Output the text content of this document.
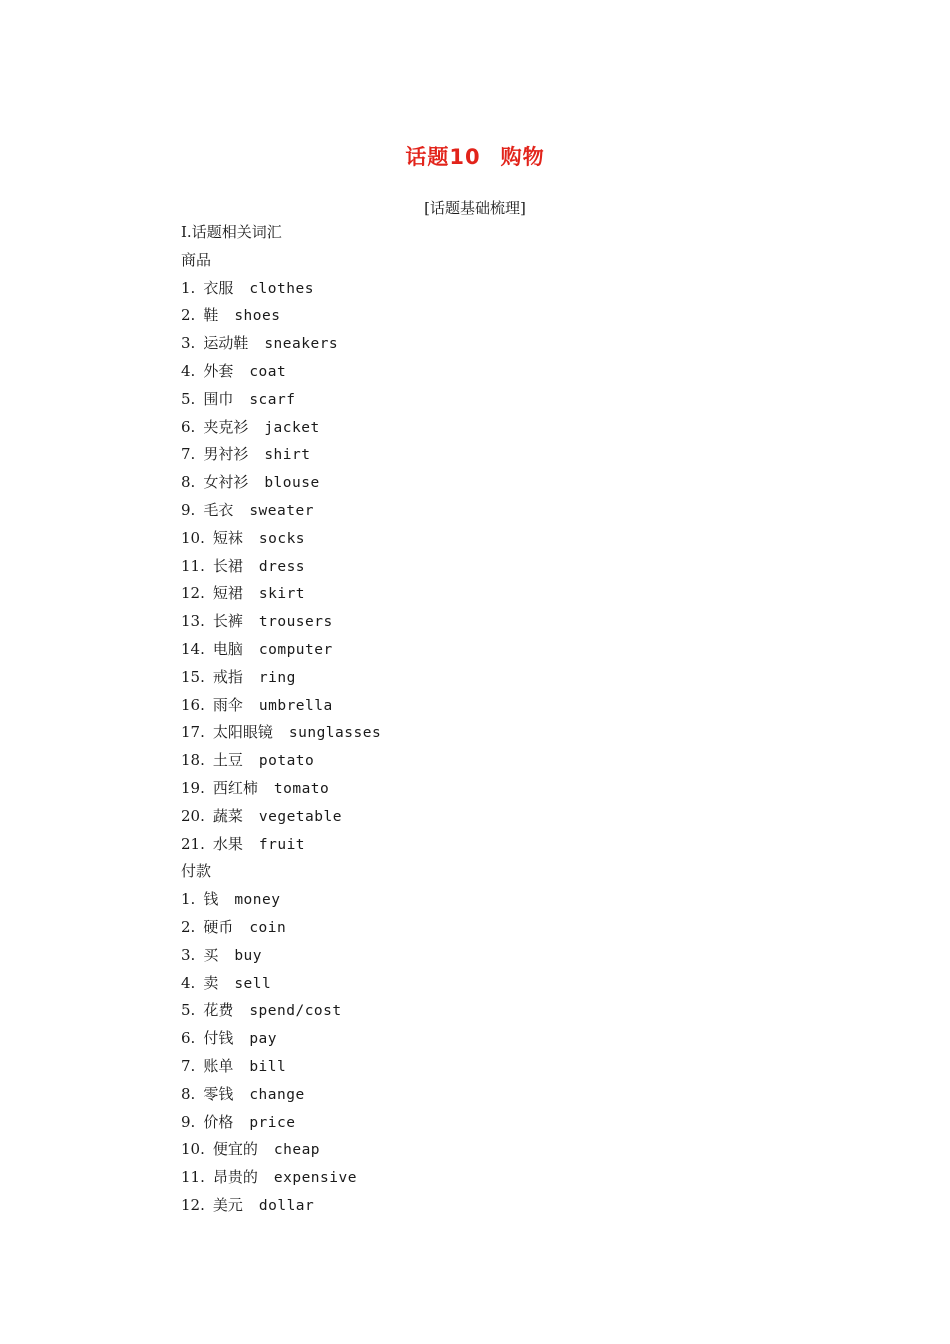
话题10 购物
[话题基础梳理]
Ⅰ.话题相关词汇
商品
1. 衣服 clothes
2. 鞋 shoes
3. 运动鞋 sneakers
4. 外套 coat
5. 围巾 scarf
6. 夹克衫 jacket
7. 男衬衫 shirt
8. 女衬衫 blouse
9. 毛衣 sweater
10. 短袜 socks
11. 长裙 dress
12. 短裙 skirt
13. 长裤 trousers
14. 电脑 computer
15. 戒指 ring
16. 雨伞 umbrella
17. 太阳眼镜 sunglasses
18. 土豆 potato
19. 西红柿 tomato
20. 蔬菜 vegetable
21. 水果 fruit
付款
1. 钱 money
2. 硬币 coin
3. 买 buy
4. 卖 sell
5. 花费 spend/cost
6. 付钱 pay
7. 账单 bill
8. 零钱 change
9. 价格 price
10. 便宜的 cheap
11. 昂贵的 expensive
12. 美元 dollar
